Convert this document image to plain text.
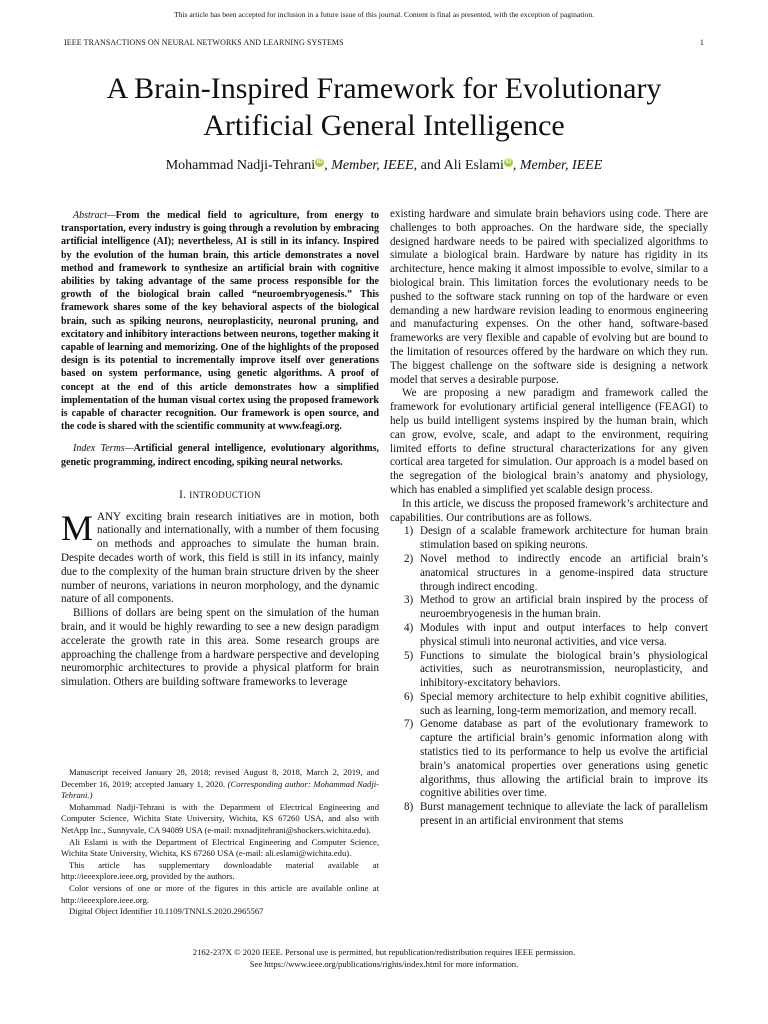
This article has been accepted for inclusion in a future issue of this journal. Content is final as presented, with the exception of pagination.
IEEE TRANSACTIONS ON NEURAL NETWORKS AND LEARNING SYSTEMS	1
A Brain-Inspired Framework for Evolutionary
Artificial General Intelligence
Mohammad Nadji-Tehrani iD , Member, IEEE, and Ali Eslami iD , Member, IEEE

Abstract—From the medical field to agriculture, from energy to transportation, every industry is going through a revolution by embracing artificial intelligence (AI); nevertheless, AI is still in its infancy. Inspired by the evolution of the human brain, this article demonstrates a novel method and framework to synthesize an artificial brain with cognitive abilities by taking advantage of the same process responsible for the growth of the biological brain called “neuroembryogenesis.” This framework shares some of the key behavioral aspects of the biological brain, such as spiking neurons, neuroplasticity, neuronal pruning, and excitatory and inhibitory interactions between neurons, together making it capable of learning and memorizing. One of the highlights of the proposed design is its potential to incrementally improve itself over generations based on system performance, using genetic algorithms. A proof of concept at the end of this article demonstrates how a simplified implementation of the human visual cortex using the proposed framework is capable of character recognition. Our framework is open source, and the code is shared with the scientific community at www.feagi.org.

Index Terms—Artificial general intelligence, evolutionary algorithms, genetic programming, indirect encoding, spiking neural networks.

I. INTRODUCTION

MANY exciting brain research initiatives are in motion, both nationally and internationally, with a number of them focusing on methods and approaches to simulate the human brain. Despite decades worth of work, this field is still in its infancy, mainly due to the complexity of the human brain structure driven by the sheer number of neurons, variations in neuron morphology, and the dynamic nature of all components.

Billions of dollars are being spent on the simulation of the human brain, and it would be highly rewarding to see a new design paradigm accelerate the growth rate in this area. Some research groups are approaching the challenge from a hardware perspective and developing neuromorphic architectures to provide a physical platform for brain simulation. Others are building software frameworks to leverage

Manuscript received January 28, 2018; revised August 8, 2018, March 2, 2019, and December 16, 2019; accepted January 1, 2020. (Corresponding author: Mohammad Nadji-Tehrani.)

Mohammad Nadji-Tehrani is with the Department of Electrical Engineering and Computer Science, Wichita State University, Wichita, KS 67260 USA, and also with NetApp Inc., Sunnyvale, CA 94089 USA (e-mail: mxnadjitehrani@shockers.wichita.edu).

Ali Eslami is with the Department of Electrical Engineering and Computer Science, Wichita State University, Wichita, KS 67260 USA (e-mail: ali.eslami@wichita.edu).

This article has supplementary downloadable material available at http://ieeexplore.ieee.org, provided by the authors.

Color versions of one or more of the figures in this article are available online at http://ieeexplore.ieee.org.

Digital Object Identifier 10.1109/TNNLS.2020.2965567

existing hardware and simulate brain behaviors using code. There are challenges to both approaches. On the hardware side, the specially designed hardware needs to be paired with specialized algorithms to simulate a biological brain. Hardware by nature has rigidity in its architecture, hence making it almost impossible to evolve, similar to a biological brain. This limitation forces the evolutionary needs to be pushed to the software stack running on top of the hardware or even demanding a new hardware revision leading to enormous engineering and manufacturing expenses. On the other hand, software-based frameworks are very flexible and capable of evolving but are bound to the limitation of resources offered by the hardware on which they run. The biggest challenge on the software side is designing a network model that serves a desirable purpose.

We are proposing a new paradigm and framework called the framework for evolutionary artificial general intelligence (FEAGI) to help us build intelligent systems inspired by the human brain, which can grow, evolve, scale, and adapt to the environment, requiring limited efforts to define structural characterizations for any given cortical area targeted for simulation. Our approach is a model based on the segregation of the biological brain’s anatomy and physiology, which has enabled a simplified yet scalable design process.

In this article, we discuss the proposed framework’s architecture and capabilities. Our contributions are as follows.

1) Design of a scalable framework architecture for human brain stimulation based on spiking neurons.
2) Novel method to indirectly encode an artificial brain’s anatomical structures in a genome-inspired data structure through indirect encoding.
3) Method to grow an artificial brain inspired by the process of neuroembryogenesis in the human brain.
4) Modules with input and output interfaces to help convert physical stimuli into neuronal activities, and vice versa.
5) Functions to simulate the biological brain’s physiological activities, such as neurotransmission, neuroplasticity, and inhibitory-excitatory behaviors.
6) Special memory architecture to help exhibit cognitive abilities, such as learning, long-term memorization, and memory recall.
7) Genome database as part of the evolutionary framework to capture the artificial brain’s genomic information along with statistics tied to its performance to help us evolve the artificial brain’s anatomical properties over generations using genetic algorithms, thus allowing the artificial brain to improve its cognitive abilities over time.
8) Burst management technique to alleviate the lack of parallelism present in an artificial environment that stems
2162-237X © 2020 IEEE. Personal use is permitted, but republication/redistribution requires IEEE permission.
See https://www.ieee.org/publications/rights/index.html for more information.
